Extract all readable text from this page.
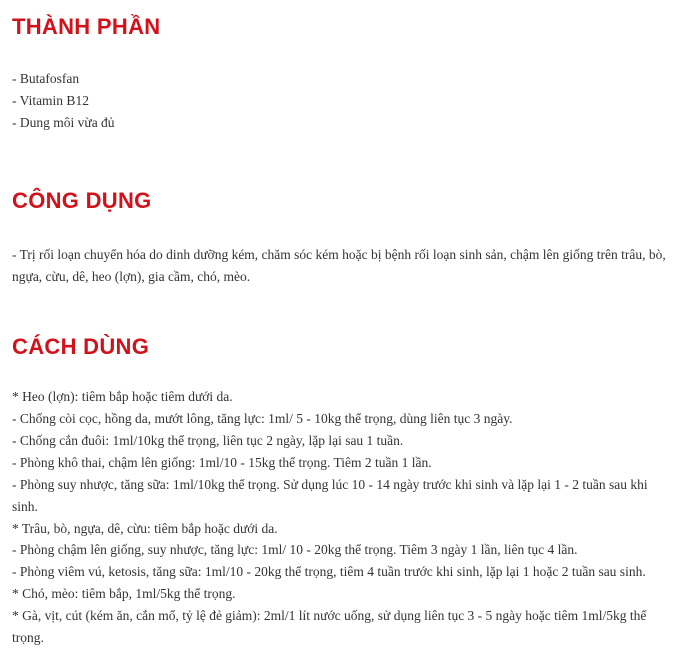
THÀNH PHẦN

- Butafosfan

- Vitamin B12

- Dung môi vừa đủ

CÔNG DỤNG

- Trị rối loạn chuyển hóa do dinh dưỡng kém, chăm sóc kém hoặc bị bệnh rối loạn sinh sản, chậm lên giống trên trâu, bò, ngựa, cừu, dê, heo (lợn), gia cầm, chó, mèo.

CÁCH DÙNG

* Heo (lợn): tiêm bắp hoặc tiêm dưới da.

- Chống còi cọc, hồng da, mướt lông, tăng lực: 1ml/ 5 - 10kg thể trọng, dùng liên tục 3 ngày.

- Chống cắn đuôi: 1ml/10kg thể trọng, liên tục 2 ngày, lặp lại sau 1 tuần.

- Phòng khô thai, chậm lên giống: 1ml/10 - 15kg thể trọng. Tiêm 2 tuần 1 lần.

- Phòng suy nhược, tăng sữa: 1ml/10kg thể trọng. Sử dụng lúc 10 - 14 ngày trước khi sinh và lặp lại 1 - 2 tuần sau khi sinh.

* Trâu, bò, ngựa, dê, cừu: tiêm bắp hoặc dưới da.

- Phòng chậm lên giống, suy nhược, tăng lực: 1ml/ 10 - 20kg thể trọng. Tiêm 3 ngày 1 lần, liên tục 4 lần.

- Phòng viêm vú, ketosis, tăng sữa: 1ml/10 - 20kg thể trọng, tiêm 4 tuần trước khi sinh, lặp lại 1 hoặc 2 tuần sau sinh.

* Chó, mèo: tiêm bắp, 1ml/5kg thể trọng.

* Gà, vịt, cút (kém ăn, cắn mổ, tỷ lệ đẻ giảm): 2ml/1 lít nước uống, sử dụng liên tục 3 - 5 ngày hoặc tiêm 1ml/5kg thể trọng.
